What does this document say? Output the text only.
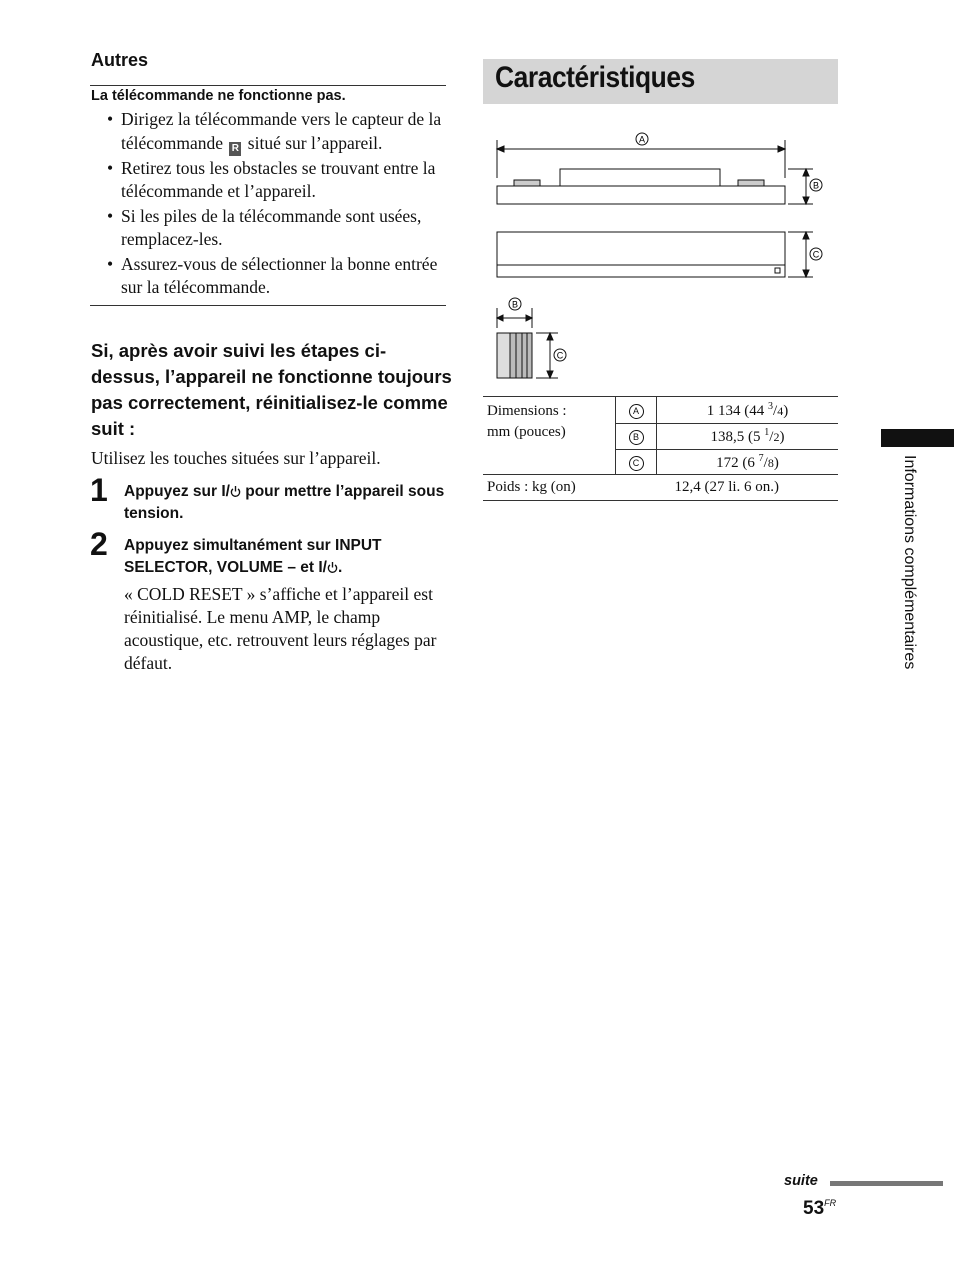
Autres
La télécommande ne fonctionne pas.
• Dirigez la télécommande vers le capteur de la télécommande R situé sur l’appareil.
• Retirez tous les obstacles se trouvant entre la télécommande et l’appareil.
• Si les piles de la télécommande sont usées, remplacez-les.
• Assurez-vous de sélectionner la bonne entrée sur la télécommande.
Si, après avoir suivi les étapes ci-dessus, l’appareil ne fonctionne toujours pas correctement, réinitialisez-le comme suit :
Utilisez les touches situées sur l’appareil.
1 Appuyez sur I/ pour mettre l’appareil sous tension.
2 Appuyez simultanément sur INPUT SELECTOR, VOLUME – et I/ .
« COLD RESET » s’affiche et l’appareil est réinitialisé. Le menu AMP, le champ acoustique, etc. retrouvent leurs réglages par défaut.
Caractéristiques
A
B
C
B
C
Dimensions :
mm (pouces)	A	1 134 (44 $^3$/4)
	B	138,5 (5 $^1$/2)
	C	172 (6 $^7$/8)
Poids : kg (on)	12,4 (27 li. 6 on.)		Informations complémentaires
suite
$53^{FR}$
